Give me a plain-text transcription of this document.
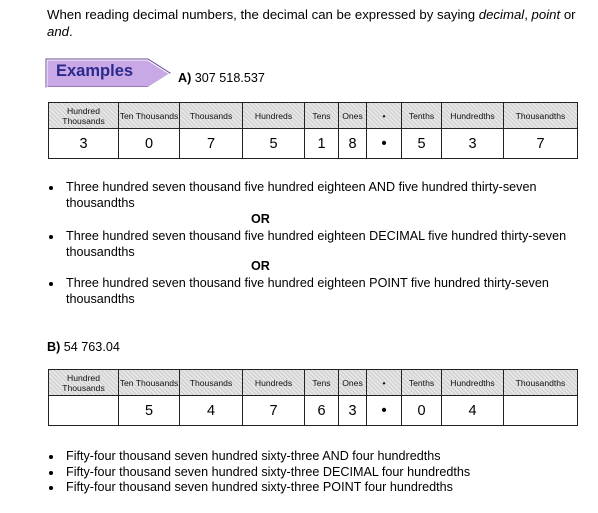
When reading decimal numbers, the decimal can be expressed by saying decimal, point or and.
Examples	A) 307 518.537
Hundred Thousands	Ten Thousands	Thousands	Hundreds	Tens	Ones	•	Tenths	Hundredths	Thousandths
3	0	7	5	1	8	•	5	3	7
Three hundred seven thousand five hundred eighteen AND five hundred thirty-seven thousandths
OR
Three hundred seven thousand five hundred eighteen DECIMAL five hundred thirty-seven thousandths
OR
Three hundred seven thousand five hundred eighteen POINT five hundred thirty-seven thousandths
B) 54 763.04
Hundred Thousands	Ten Thousands	Thousands	Hundreds	Tens	Ones	•	Tenths	Hundredths	Thousandths
	5	4	7	6	3	•	0	4	
Fifty-four thousand seven hundred sixty-three AND four hundredths
Fifty-four thousand seven hundred sixty-three DECIMAL four hundredths
Fifty-four thousand seven hundred sixty-three POINT four hundredths
